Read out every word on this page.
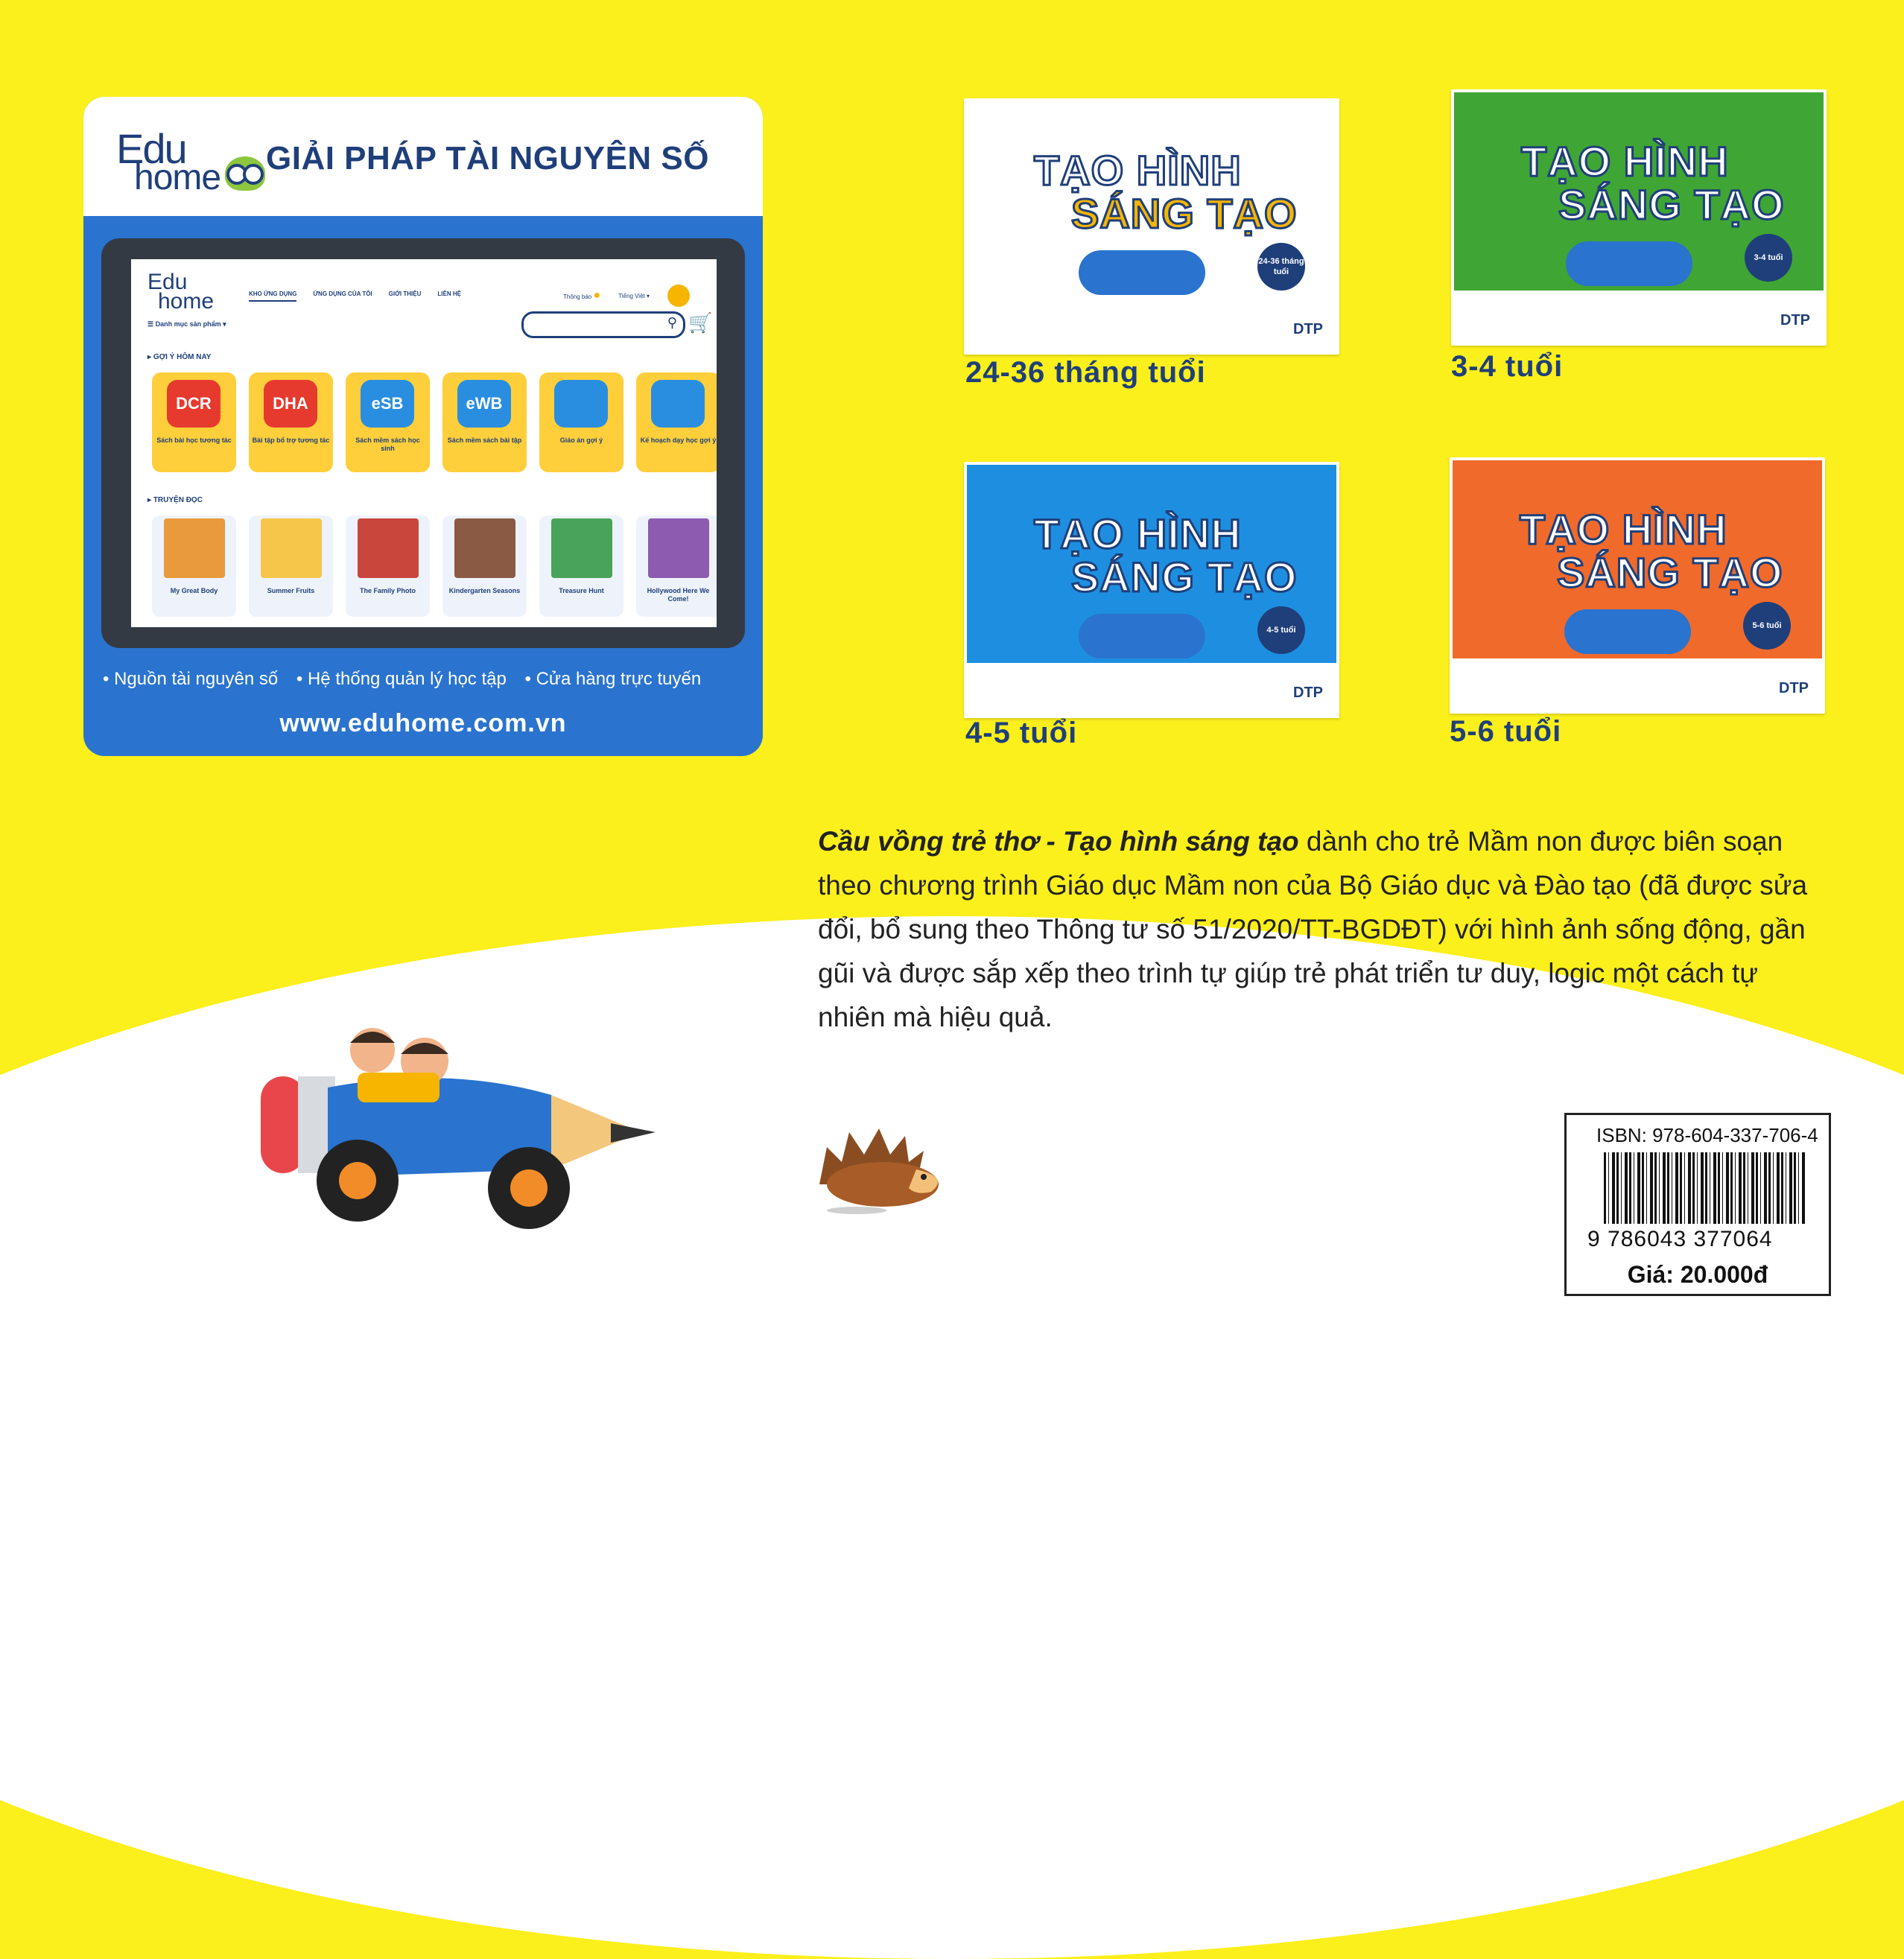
Edu
home GIẢI PHÁP TÀI NGUYÊN SỐ
Edu
home	KHO ỨNG DỤNG	ỨNG DỤNG CỦA TÔI	GIỚI THIỆU	LIÊN HỆ	Thông báo ●	Tiếng Việt ▾
☰ Danh mục sản phẩm ▾	⚲ 🛒
▸ GỢI Ý HÔM NAY
DCR
Sách bài học tương tác
DHA
Bài tập bổ trợ tương tác
eSB
Sách mềm sách học sinh
eWB
Sách mềm sách bài tập	Giáo án gợi ý	Kế hoạch dạy học gợi ý
▸ TRUYỆN ĐỌC
My Great Body	Summer Fruits	The Family Photo	Kindergarten Seasons	Treasure Hunt	Hollywood Here We Come!
• Nguồn tài nguyên số • Hệ thống quản lý học tập • Cửa hàng trực tuyến
www.eduhome.com.vn
TẠO HÌNH
SÁNG TẠO
24-36 tháng tuổi
DTP
24-36 tháng tuổi
TẠO HÌNH
SÁNG TẠO
3-4 tuổi
DTP
3-4 tuổi
TẠO HÌNH
SÁNG TẠO
4-5 tuổi
DTP
4-5 tuổi
TẠO HÌNH
SÁNG TẠO
5-6 tuổi
DTP
5-6 tuổi
Cầu vồng trẻ thơ - Tạo hình sáng tạo dành cho trẻ Mầm non được biên soạn theo chương trình Giáo dục Mầm non của Bộ Giáo dục và Đào tạo (đã được sửa đổi, bổ sung theo Thông tư số 51/2020/TT-BGDĐT) với hình ảnh sống động, gần gũi và được sắp xếp theo trình tự giúp trẻ phát triển tư duy, logic một cách tự nhiên mà hiệu quả.
ISBN: 978-604-337-706-4
9 786043 377064
Giá: 20.000đ
